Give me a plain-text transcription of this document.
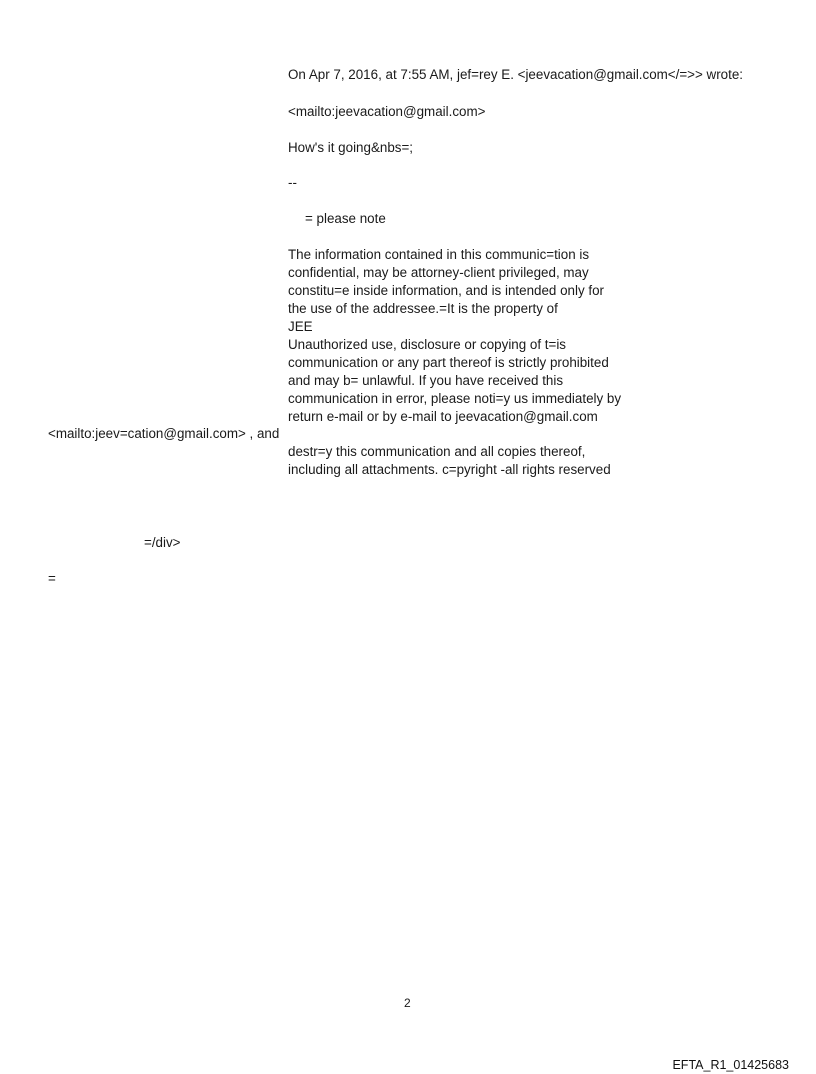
On Apr 7, 2016, at 7:55 AM, jef=rey E. <jeevacation@gmail.com</=>> wrote:

<mailto:jeevacation@gmail.com>

How's it going&nbs=;

--

= please note

The information contained in this communic=tion is
confidential, may be attorney-client privileged, may
constitu=e inside information, and is intended only for
the use of the addressee.=It is the property of
JEE
Unauthorized use, disclosure or copying of t=is
communication or any part thereof is strictly prohibited
and may b= unlawful. If you have received this
communication in error, please noti=y us immediately by
return e-mail or by e-mail to jeevacation@gmail.com

<mailto:jeev=cation@gmail.com> , and

destr=y this communication and all copies thereof,
including all attachments. c=pyright -all rights reserved

=/div>

=

2

EFTA_R1_01425683
